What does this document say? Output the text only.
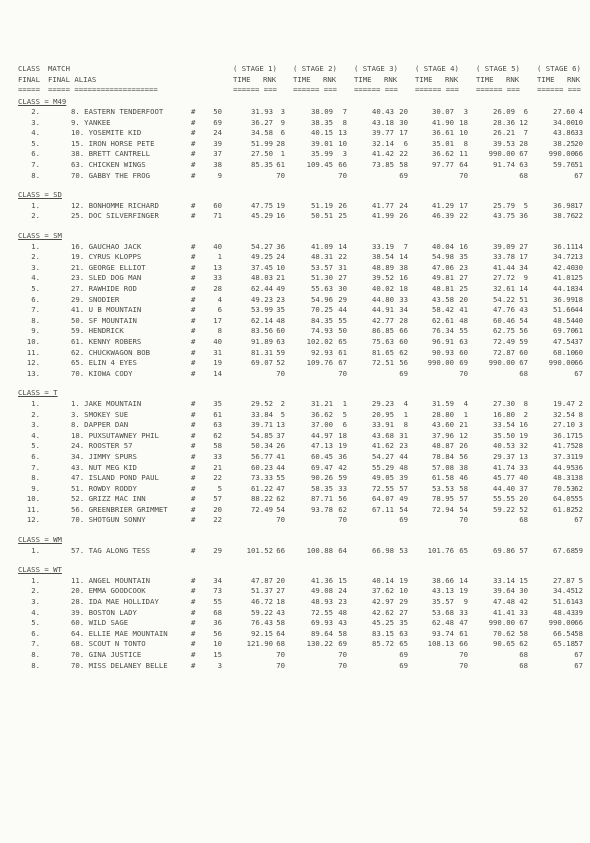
CLASS MATCH	( STAGE 1) ( STAGE 2) ( STAGE 3) ( STAGE 4) ( STAGE 5) ( STAGE 6)
FINAL FINAL ALIAS	TIME RNK TIME RNK TIME RNK TIME RNK TIME RNK TIME RNK
===== ===== ===================	====== === ====== === ====== === ====== === ====== === ====== ===
CLASS = M49
2.	8. EASTERN TENDERFOOT	#	50	31.93	3	38.09	7	40.43 20	30.07	3	26.09	6	27.60 4
3.	9. YANKEE	#	69	36.27	9	38.35	8	43.18 30	41.90 18	28.36 12	34.00 10
4.	10. YOSEMITE KID	#	24	34.58	6	40.15 13	39.77 17	36.61 10	26.21	7	43.86 33
5.	15. IRON HORSE PETE	#	39	51.99 28	39.01 10	32.14	6	35.01	8	39.53 28	38.25 20
6.	38. BRETT CANTRELL	#	37	27.50	1	35.99	3	41.42 22	36.62 11	990.00 67	990.00 66
7.	63. CHICKEN WINGS	#	38	85.35 61	109.45 66	73.85 58	97.77 64	91.74 63	59.76 51
8.	70. GABBY THE FROG	#	9	70	70	69	70	68	67
CLASS = SD
1.	12. BONHOMME RICHARD	#	60	47.75 19	51.19 26	41.77 24	41.29 17	25.79	5	36.98 17
2.	25. DOC SILVERFINGER	#	71	45.29 16	50.51 25	41.99 26	46.39 22	43.75 36	38.76 22
CLASS = SM
1.	16. GAUCHAO JACK	#	40	54.27 36	41.09 14	33.19	7	40.04 16	39.09 27	36.11 14
2.	19. CYRUS KLOPPS	#	1	49.25 24	48.31 22	38.54 14	54.98 35	33.78 17	34.72 13
3.	21. GEORGE ELLIOT	#	13	37.45 10	53.57 31	48.89 38	47.06 23	41.44 34	42.40 30
4.	23. SLED DOG MAN	#	33	48.03 21	51.30 27	39.52 16	49.81 27	27.72	9	41.01 25
5.	27. RAWHIDE ROD	#	28	62.44 49	55.63 30	40.02 18	48.81 25	32.61 14	44.18 34
6.	29. SNODIER	#	4	49.23 23	54.96 29	44.80 33	43.58 20	54.22 51	36.99 18
7.	41. U B MOUNTAIN	#	6	53.99 35	70.25 44	44.91 34	58.42 41	47.76 43	51.66 44
8.	50. SF MOUNTAIN	#	17	62.14 48	84.35 55	42.77 28	62.61 48	60.46 54	48.54 40
9.	59. HENDRICK	#	8	83.56 60	74.93 50	86.85 66	76.34 55	62.75 56	69.70 61
10.	61. KENNY ROBERS	#	40	91.89 63	102.02 65	75.63 60	96.91 63	72.49 59	47.54 37
11.	62. CHUCKWAGON BOB	#	31	81.31 59	92.93 61	81.65 62	90.93 60	72.87 60	68.10 60
12.	65. ELIN 4 EYES	#	19	69.07 52	109.76 67	72.51 56	990.00 69	990.00 67	990.00 66
13.	70. KIOWA CODY	#	14	70	70	69	70	68	67
CLASS = T
1.	1. JAKE MOUNTAIN	#	35	29.52	2	31.21	1	29.23	4	31.59	4	27.30	8	19.47 2
2.	3. SMOKEY SUE	#	61	33.84	5	36.62	5	20.95	1	28.80	1	16.80	2	32.54 8
3.	8. DAPPER DAN	#	63	39.71 13	37.00	6	33.91	8	43.60 21	33.54 16	27.10 3
4.	18. PUXSUTAWNEY PHIL	#	62	54.85 37	44.97 18	43.68 31	37.96 12	35.50 19	36.17 15
5.	24. ROOSTER 57	#	58	50.34 26	47.13 19	41.62 23	48.87 26	40.53 32	41.75 28
6.	34. JIMMY SPURS	#	33	56.77 41	60.45 36	54.27 44	78.84 56	29.37 13	37.31 19
7.	43. NUT MEG KID	#	21	60.23 44	69.47 42	55.29 48	57.08 38	41.74 33	44.95 36
8.	47. ISLAND POND PAUL	#	22	73.33 55	90.26 59	49.05 39	61.58 46	45.77 40	48.31 38
9.	51. ROWDY RODDY	#	5	61.22 47	58.35 33	72.55 57	53.53 58	44.40 37	70.53 62
10.	52. GRIZZ MAC INN	#	57	88.22 62	87.71 56	64.07 49	78.95 57	55.55 20	64.05 55
11.	56. GREENBRIER GRIMMET	#	20	72.49 54	93.78 62	67.11 54	72.94 54	59.22 52	61.82 52
12.	70. SHOTGUN SONNY	#	22	70	70	69	70	68	67
CLASS = WM
1.	57. TAG ALONG TESS	#	29	101.52 66	100.88 64	66.98 53	101.76 65	69.86 57	67.68 59
CLASS = WT
1.	11. ANGEL MOUNTAIN	#	34	47.87 20	41.36 15	40.14 19	38.66 14	33.14 15	27.87 5
2.	20. EMMA GOODCOOK	#	73	51.37 27	49.08 24	37.62 10	43.13 19	39.64 30	34.45 12
3.	28. IDA MAE HOLLIDAY	#	55	46.72 18	48.93 23	42.97 29	35.57	9	47.48 42	51.61 43
4.	39. BOSTON LADY	#	68	59.22 43	72.55 48	42.62 27	53.68 33	41.41 33	48.43 39
5.	60. WILD SAGE	#	36	76.43 58	69.93 43	45.25 35	62.48 47	990.00 67	990.00 66
6.	64. ELLIE MAE MOUNTAIN	#	56	92.15 64	89.64 58	83.15 63	93.74 61	70.62 58	66.54 58
7.	68. SCOUT N TONTO	#	10	121.90 68	130.22 69	85.72 65	108.13 66	90.65 62	65.18 57
8.	70. GINA JUSTICE	#	15	70	70	69	70	68	67
8.	70. MISS DELANEY BELLE	#	3	70	70	69	70	68	67
